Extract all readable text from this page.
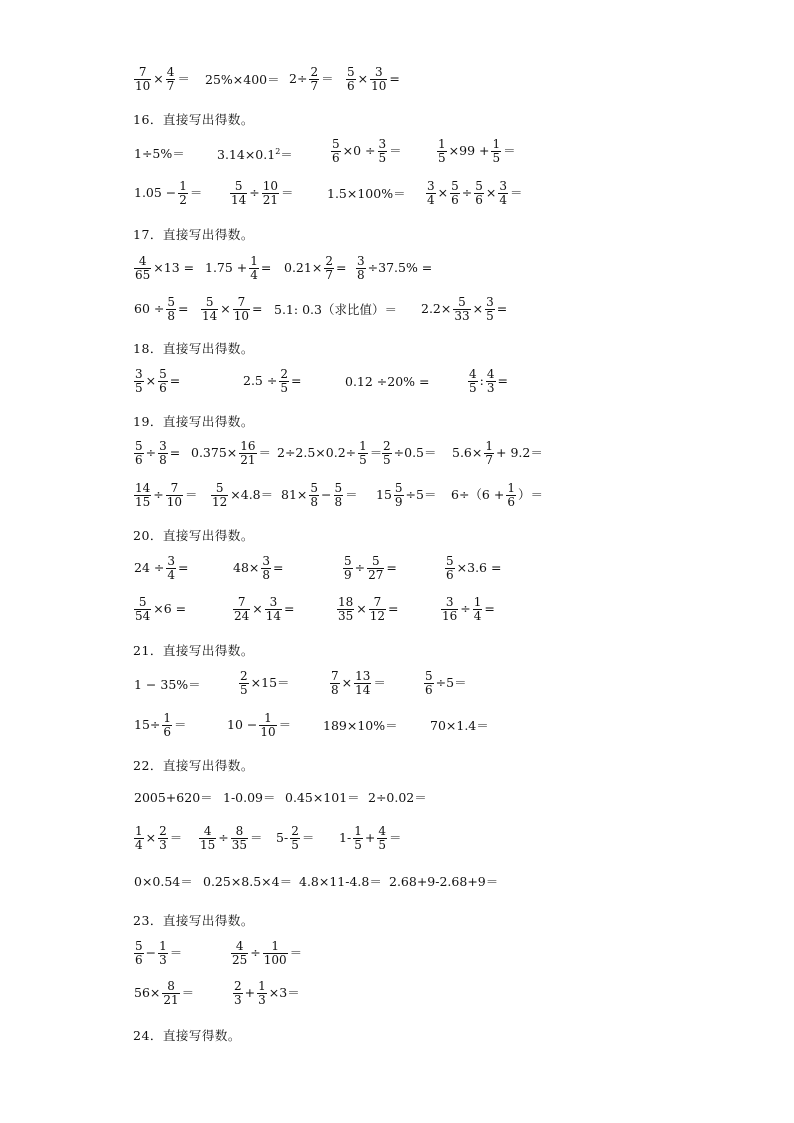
$\frac{7}{10} \times \frac{4}{7} = 25\%\times 400= 2\div \frac{2}{7} = \frac{5}{6} \times \frac{3}{10}$ =
16．直接写出得数。
1÷5%＝	$3.14\times 0.1^2=$	$\frac{5}{6} \times 0 \div \frac{3}{5}$ ＝	$\frac{1}{5} \times 99 + \frac{1}{5}$ ＝
$1.05 - \frac{1}{2} = \frac{5}{14} \div \frac{10}{21}$ ＝	$1.5\times 100\%= \frac{3}{4} \times \frac{5}{6} \div \frac{5}{6} \times \frac{3}{4}$ ＝
17．直接写出得数。
$\frac{4}{65} \times 13 = 1.75 + \frac{1}{4} = 0.21\times \frac{2}{7} = \frac{3}{8} \div 37.5\%$ =
$60 \div \frac{5}{8} = \frac{5}{14} \times \frac{7}{10} = 5.1$: 0.3（求比值）＝ $2.2\times \frac{5}{33} \times \frac{3}{5}$ =
18．直接写出得数。
$\frac{3}{5} \times \frac{5}{6}$ =	$2.5 \div \frac{2}{5}$ =	0.12 ÷20% =	4
5 : $\frac{4}{3}$ =
19．直接写出得数。
$\frac{5}{6} \div \frac{3}{8} = 0.375\times \frac{16}{21} = 2\div 2.5\times 0.2\div \frac{1}{5} = \frac{2}{5} \div 0.5= 5.6\times \frac{1}{7} + 9.2=$
$\frac{14}{15} \div \frac{7}{10} = \frac{5}{12} \times 4.8= 81\times \frac{5}{8} - \frac{5}{8} = 15 \frac{5}{9} \div 5= 6\div(6 + \frac{1}{6}$ ）＝
20．直接写出得数。
$24 \div \frac{3}{4}$ =	$48\times \frac{3}{8}$ =	$\frac{5}{9} \div \frac{5}{27}$ =	$\frac{5}{6} \times 3.6$ =
$\frac{5}{54} \times 6$ =	$\frac{7}{24} \times \frac{3}{14}$ =	$\frac{18}{35} \times \frac{7}{12}$ =	$\frac{3}{16} \div \frac{1}{4}$ =
21．直接写出得数。
1 − 35%＝	$\frac{2}{5} \times 15=$	$\frac{7}{8} \times \frac{13}{14}$ ＝	$\frac{5}{6} \div 5=$
$15\div \frac{1}{6}$ ＝	$10 - \frac{1}{10}$ ＝	189×10%＝	70×1.4＝
22．直接写出得数。
2005+620＝ 1-0.09＝ 0.45×101＝ 2÷0.02＝
$\frac{1}{4} \times \frac{2}{3} = \frac{4}{15} \div \frac{8}{35} = 5-$ 2
5 ＝ 1- 1
$5 + \frac{4}{5}$ ＝
0×0.54＝ 0.25×8.5×4＝ 4.8×11-4.8＝ 2.68+9-2.68+9＝
23．直接写出得数。
5
$6 - \frac{1}{3}$ ＝	$\frac{4}{25} \div \frac{1}{100}$ ＝
$56\times \frac{8}{21}$ ＝	2
$3 + \frac{1}{3} \times 3=$
24．直接写得数。
